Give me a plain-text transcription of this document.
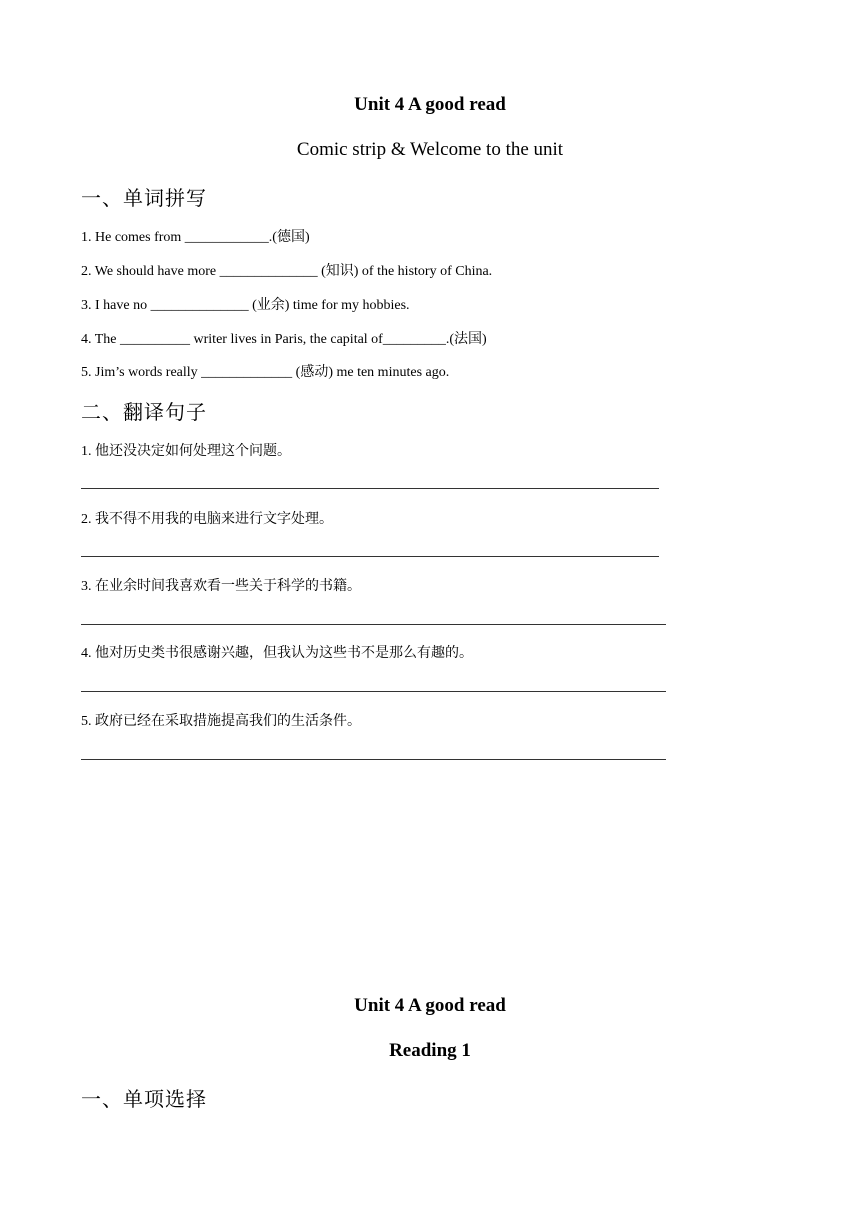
Unit 4 A good read
Comic strip & Welcome to the unit
一、单词拼写
1. He comes from ____________.(德国)
2. We should have more ______________ (知识) of the history of China.
3. I have no ______________ (业余) time for my hobbies.
4. The __________ writer lives in Paris, the capital of_________.(法国)
5. Jim’s words really _____________ (感动) me ten minutes ago.
二、翻译句子
1. 他还没决定如何处理这个问题。
2. 我不得不用我的电脑来进行文字处理。
3. 在业余时间我喜欢看一些关于科学的书籍。
4. 他对历史类书很感谢兴趣，但我认为这些书不是那么有趣的。
5. 政府已经在采取措施提高我们的生活条件。
Unit 4 A good read
Reading 1
一、单项选择
